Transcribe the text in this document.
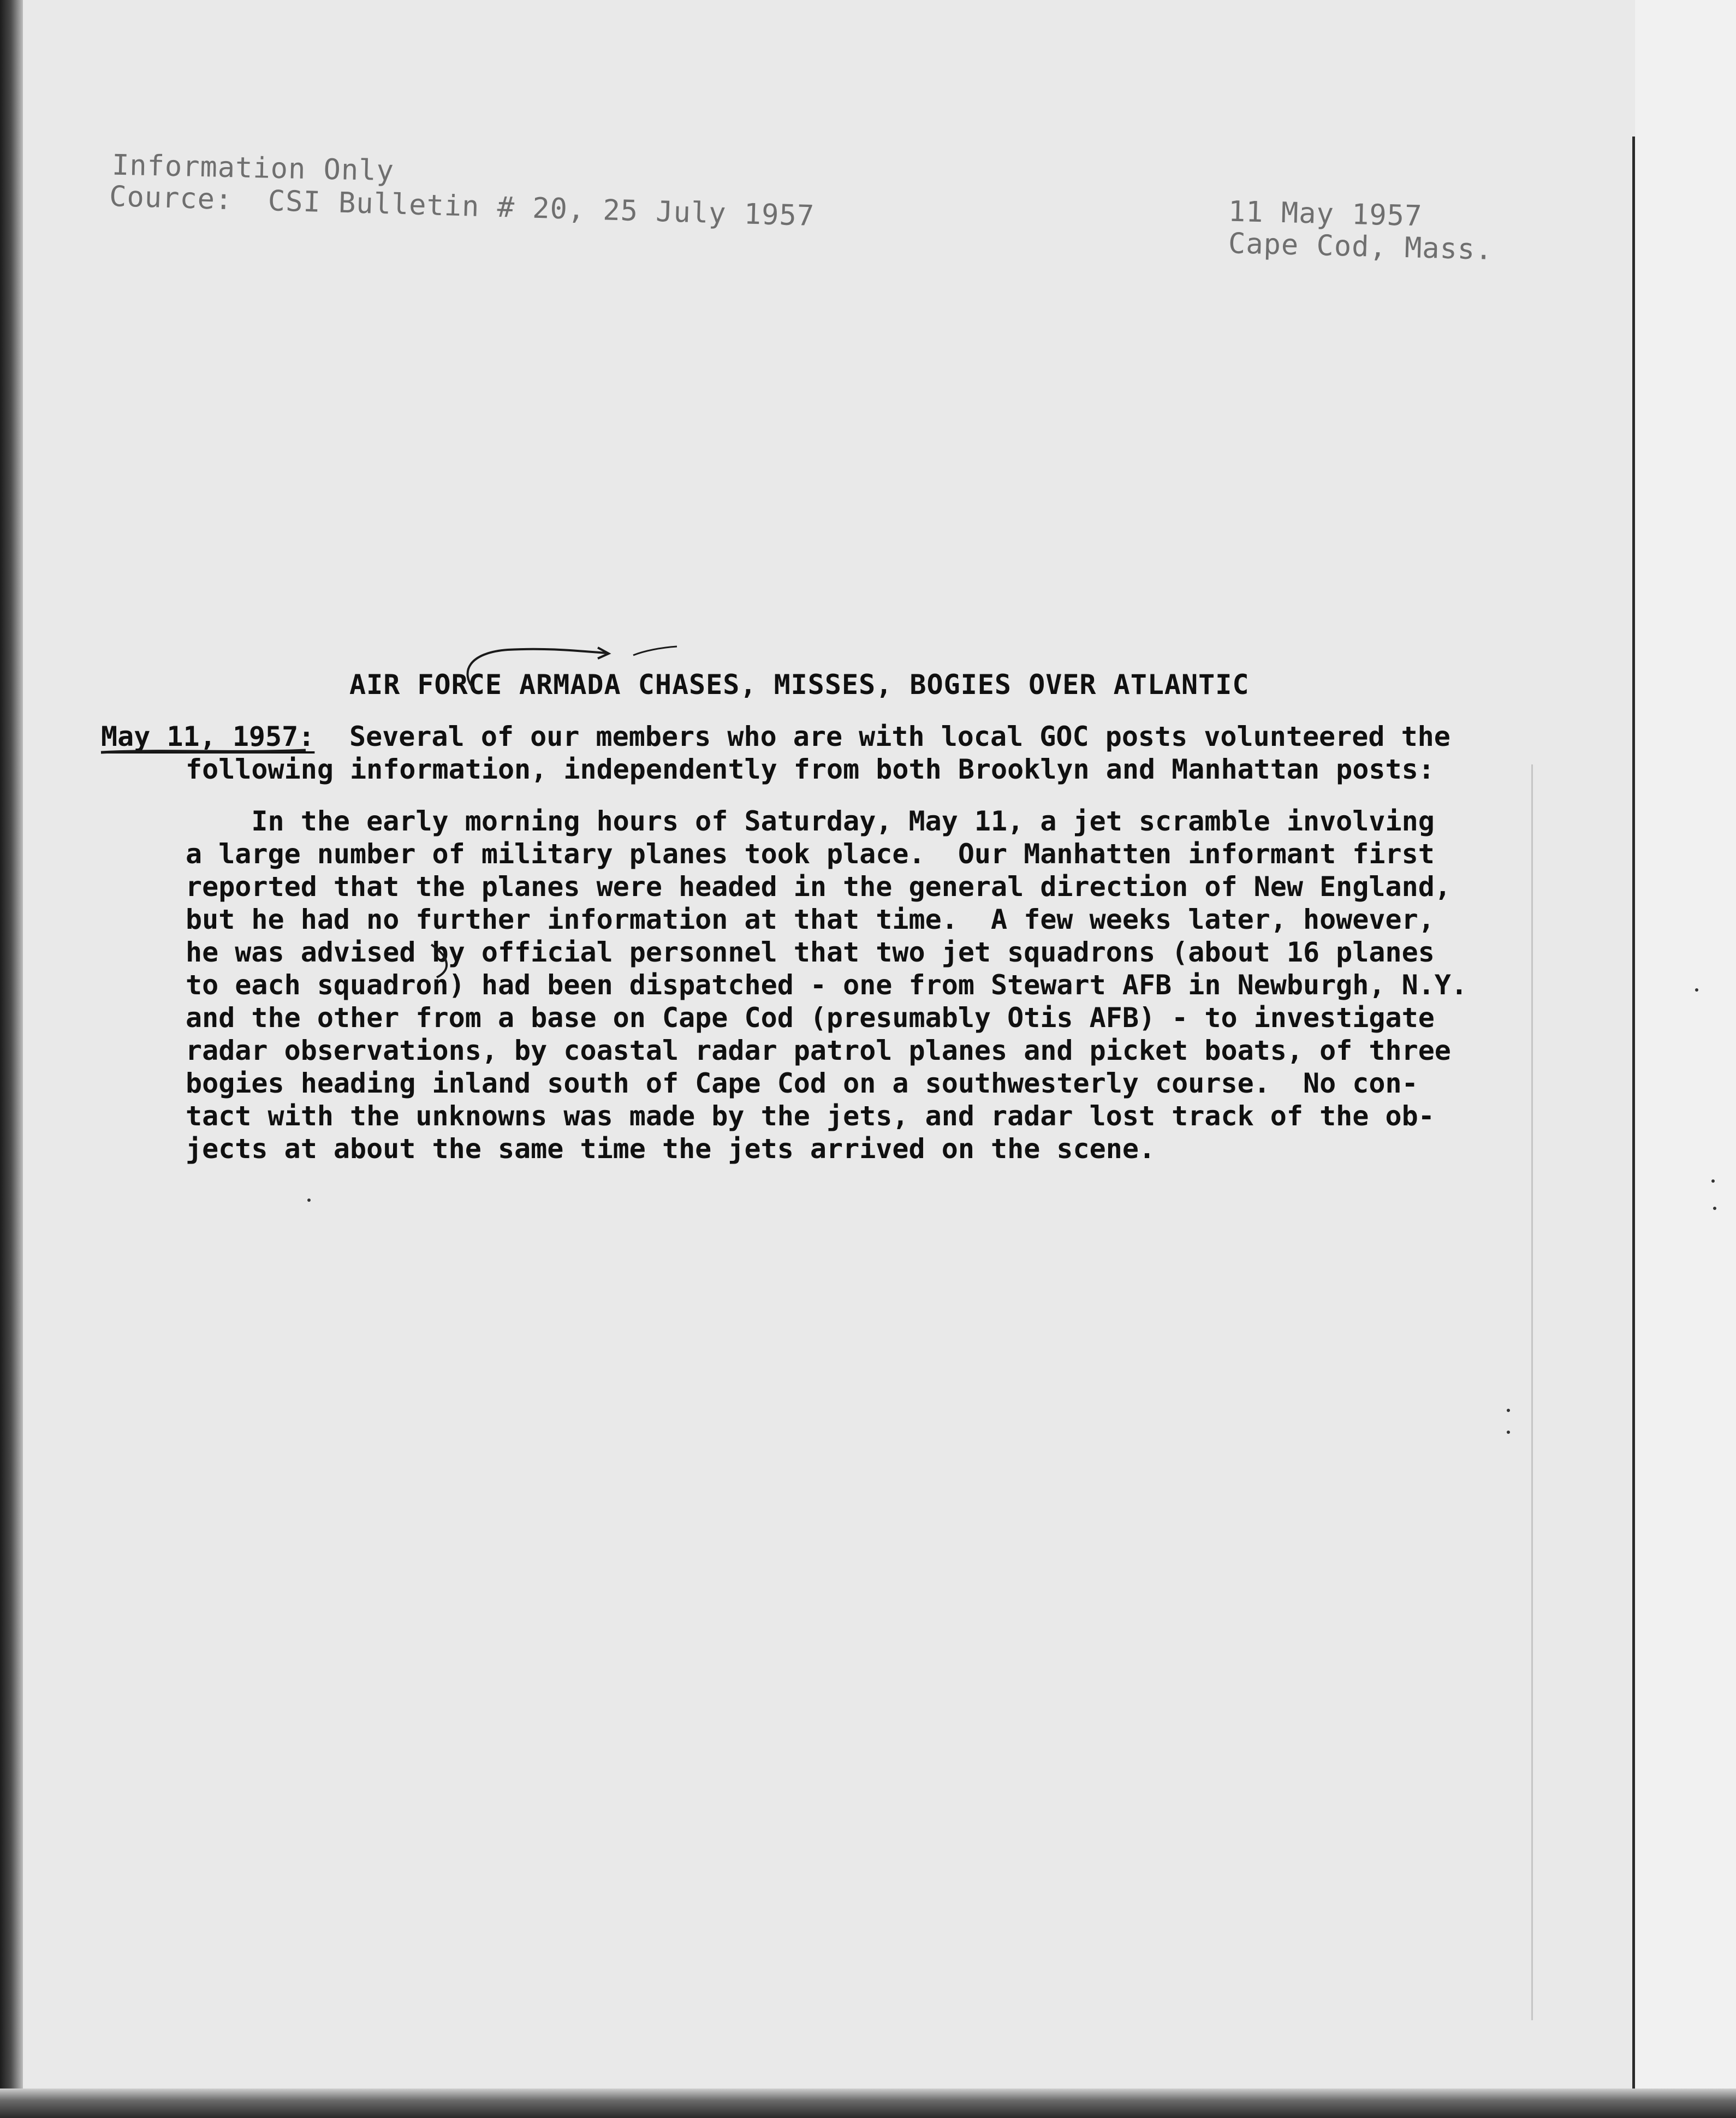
Information Only
Cource:  CSI Bulletin # 20, 25 July 1957	11 May 1957
Cape Cod, Mass.
AIR FORCE ARMADA CHASES, MISSES, BOGIES OVER ATLANTIC
May 11, 1957: Several of our members who are with local GOC posts volunteered the
following information, independently from both Brooklyn and Manhattan posts:
In the early morning hours of Saturday, May 11, a jet scramble involving
a large number of military planes took place.  Our Manhatten informant first
reported that the planes were headed in the general direction of New England,
but he had no further information at that time.  A few weeks later, however,
he was advised by official personnel that two jet squadrons (about 16 planes
to each squadron) had been dispatched - one from Stewart AFB in Newburgh, N.Y.
and the other from a base on Cape Cod (presumably Otis AFB) - to investigate
radar observations, by coastal radar patrol planes and picket boats, of three
bogies heading inland south of Cape Cod on a southwesterly course.  No con-
tact with the unknowns was made by the jets, and radar lost track of the ob-
jects at about the same time the jets arrived on the scene.
